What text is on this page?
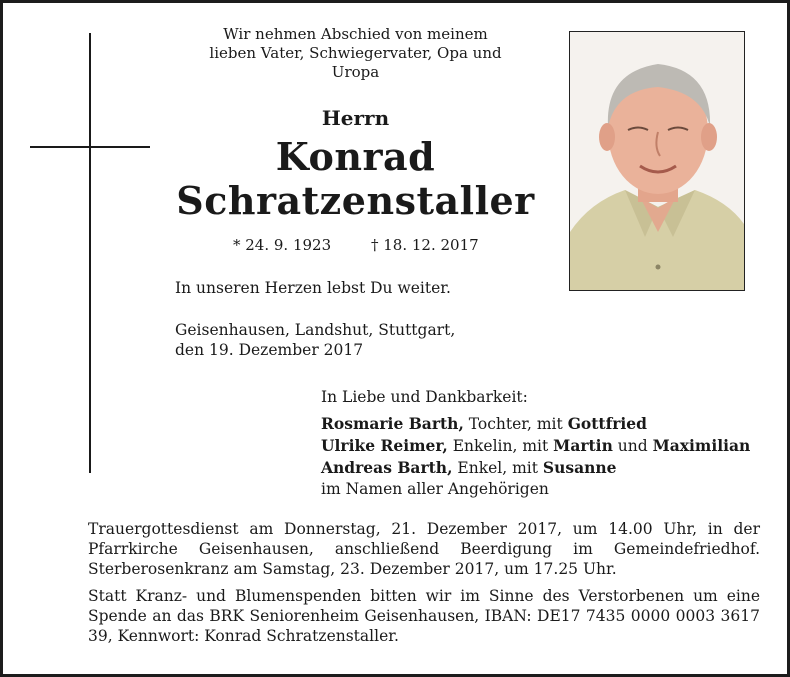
Wir nehmen Abschied von meinem
lieben Vater, Schwiegervater, Opa und
Uropa
Herrn
Konrad
Schratzenstaller
* 24. 9. 1923	† 18. 12. 2017
In unseren Herzen lebst Du weiter.
Geisenhausen, Landshut, Stuttgart,
den 19. Dezember 2017
In Liebe und Dankbarkeit:
Rosmarie Barth, Tochter, mit Gottfried
Ulrike Reimer, Enkelin, mit Martin und Maximilian
Andreas Barth, Enkel, mit Susanne
im Namen aller Angehörigen
Trauergottesdienst am Donnerstag, 21. Dezember 2017, um 14.00 Uhr, in der Pfarrkirche Geisenhausen, anschließend Beerdigung im Gemeindefriedhof. Sterberosenkranz am Samstag, 23. Dezember 2017, um 17.25 Uhr.
Statt Kranz- und Blumenspenden bitten wir im Sinne des Verstorbenen um eine Spende an das BRK Seniorenheim Geisenhausen, IBAN: DE17 7435 0000 0003 3617 39, Kennwort: Konrad Schratzenstaller.
